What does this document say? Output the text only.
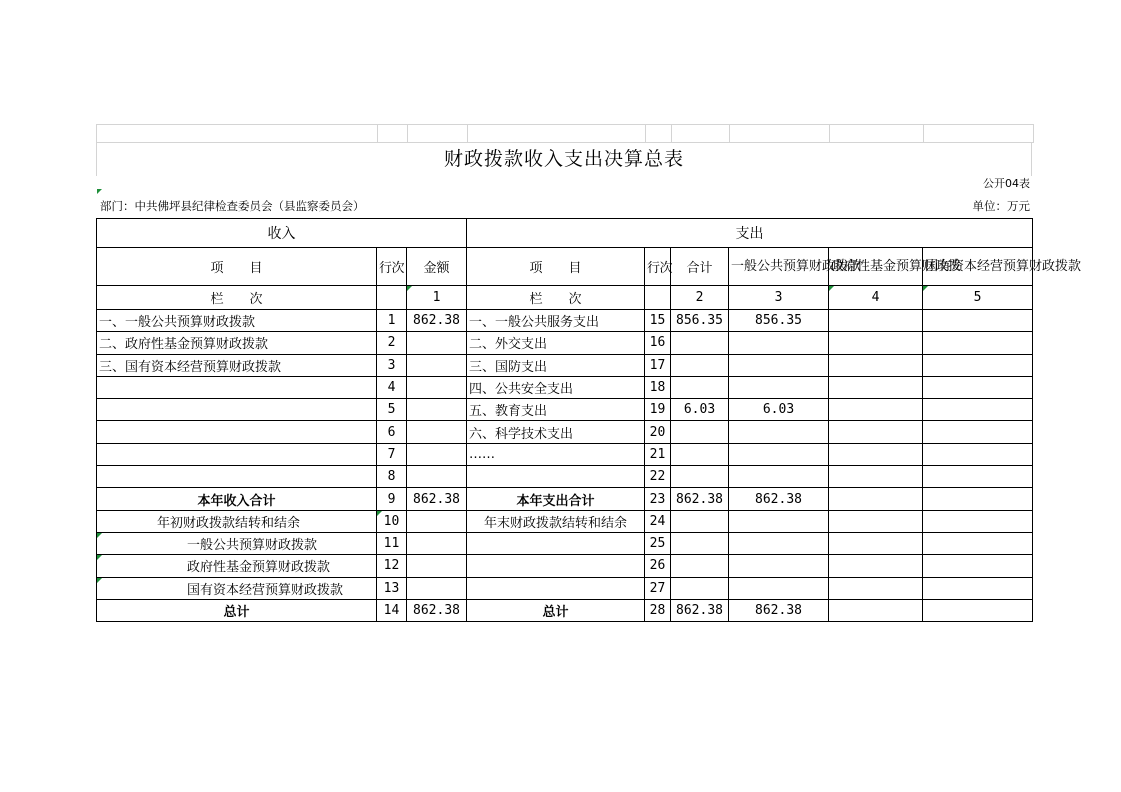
财政拨款收入支出决算总表
公开04表
部门：中共佛坪县纪律检查委员会（县监察委员会）	单位：万元
收入			支出					
项　　目	行次	金额	项　　目	行次	合计	一般公共预算财政拨款	政府性基金预算财政拨	国有资本经营预算财政拨款
栏　　次		1	栏　　次		2	3	4	5
一、一般公共预算财政拨款	1	862.38	一、一般公共服务支出	15	856.35	856.35		
二、政府性基金预算财政拨款	2		二、外交支出	16				
三、国有资本经营预算财政拨款	3		三、国防支出	17				
	4		四、公共安全支出	18				
	5		五、教育支出	19	6.03	6.03		
	6		六、科学技术支出	20				
	7		……	21				
	8			22				
本年收入合计	9	862.38	本年支出合计	23	862.38	862.38		
年初财政拨款结转和结余	10		年末财政拨款结转和结余	24				
一般公共预算财政拨款	11			25				
政府性基金预算财政拨款	12			26				
国有资本经营预算财政拨款	13			27				
总计	14	862.38	总计	28	862.38	862.38		
